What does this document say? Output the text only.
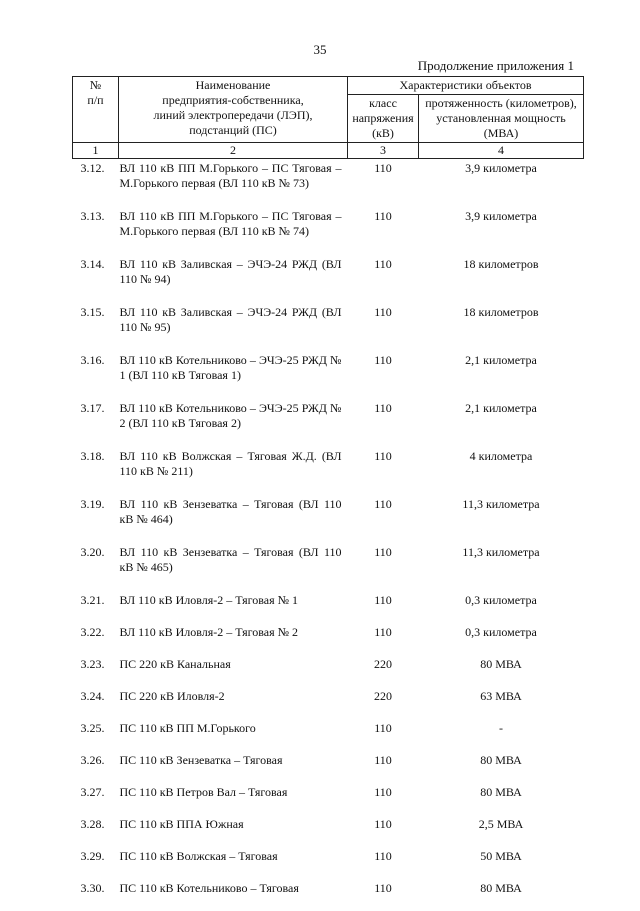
35
Продолжение приложения 1
№
п/п	Наименование
предприятия-собственника,
линий электропередачи (ЛЭП),
подстанций (ПС)	Характеристики объектов	
		класс
напряжения
(кВ)	протяженность (километров),
установленная мощность
(МВА)
1	2	3	4
3.12.	ВЛ 110 кВ ПП М.Горького – ПС Тяговая – М.Горького первая (ВЛ 110 кВ № 73)	110	3,9 километра
3.13.	ВЛ 110 кВ ПП М.Горького – ПС Тяговая – М.Горького первая (ВЛ 110 кВ № 74)	110	3,9 километра
3.14.	ВЛ 110 кВ Заливская – ЭЧЭ-24 РЖД (ВЛ 110 № 94)	110	18 километров
3.15.	ВЛ 110 кВ Заливская – ЭЧЭ-24 РЖД (ВЛ 110 № 95)	110	18 километров
3.16.	ВЛ 110 кВ Котельниково – ЭЧЭ-25 РЖД № 1 (ВЛ 110 кВ Тяговая 1)	110	2,1 километра
3.17.	ВЛ 110 кВ Котельниково – ЭЧЭ-25 РЖД № 2 (ВЛ 110 кВ Тяговая 2)	110	2,1 километра
3.18.	ВЛ 110 кВ Волжская – Тяговая Ж.Д. (ВЛ 110 кВ № 211)	110	4 километра
3.19.	ВЛ 110 кВ Зензеватка – Тяговая (ВЛ 110 кВ № 464)	110	11,3 километра
3.20.	ВЛ 110 кВ Зензеватка – Тяговая (ВЛ 110 кВ № 465)	110	11,3 километра
3.21.	ВЛ 110 кВ Иловля-2 – Тяговая № 1	110	0,3 километра
3.22.	ВЛ 110 кВ Иловля-2 – Тяговая № 2	110	0,3 километра
3.23.	ПС 220 кВ Канальная	220	80 МВА
3.24.	ПС 220 кВ Иловля-2	220	63 МВА
3.25.	ПС 110 кВ ПП М.Горького	110	-
3.26.	ПС 110 кВ Зензеватка – Тяговая	110	80 МВА
3.27.	ПС 110 кВ Петров Вал – Тяговая	110	80 МВА
3.28.	ПС 110 кВ ППА Южная	110	2,5 МВА
3.29.	ПС 110 кВ Волжская – Тяговая	110	50 МВА
3.30.	ПС 110 кВ Котельниково – Тяговая	110	80 МВА
